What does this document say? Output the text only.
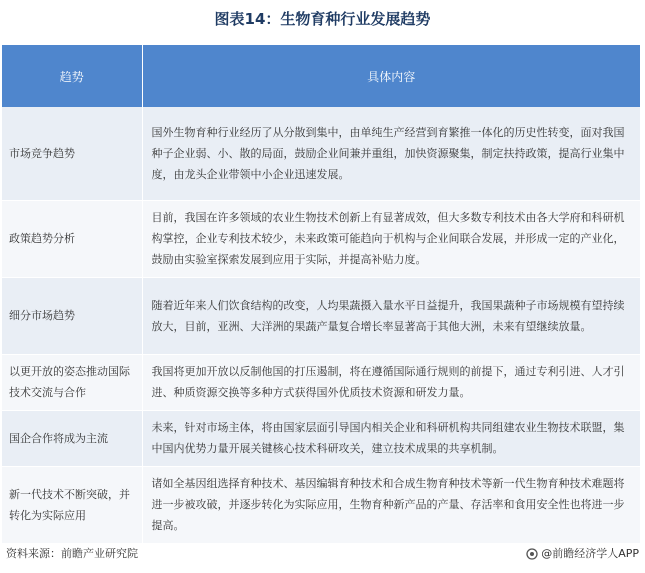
图表14：生物育种行业发展趋势
趋势	具体内容
市场竞争趋势	国外生物育种行业经历了从分散到集中，由单纯生产经营到育繁推一体化的历史性转变，面对我国种子企业弱、小、散的局面，鼓励企业间兼并重组，加快资源聚集，制定扶持政策，提高行业集中度，由龙头企业带领中小企业迅速发展。
政策趋势分析	目前，我国在许多领域的农业生物技术创新上有显著成效，但大多数专利技术由各大学府和科研机构掌控，企业专利技术较少，未来政策可能趋向于机构与企业间联合发展，并形成一定的产业化，鼓励由实验室探索发展到应用于实际，并提高补贴力度。
细分市场趋势	随着近年来人们饮食结构的改变，人均果蔬摄入量水平日益提升，我国果蔬种子市场规模有望持续放大，目前，亚洲、大洋洲的果蔬产量复合增长率显著高于其他大洲，未来有望继续放量。
以更开放的姿态推动国际技术交流与合作	我国将更加开放以反制他国的打压遏制，将在遵循国际通行规则的前提下，通过专利引进、人才引进、种质资源交换等多种方式获得国外优质技术资源和研发力量。
国企合作将成为主流	未来，针对市场主体，将由国家层面引导国内相关企业和科研机构共同组建农业生物技术联盟，集中国内优势力量开展关键核心技术科研攻关，建立技术成果的共享机制。
新一代技术不断突破，并转化为实际应用	诸如全基因组选择育种技术、基因编辑育种技术和合成生物育种技术等新一代生物育种技术难题将进一步被攻破，并逐步转化为实际应用，生物育种新产品的产量、存活率和食用安全性也将进一步提高。
资料来源：前瞻产业研究院	@前瞻经济学人APP
